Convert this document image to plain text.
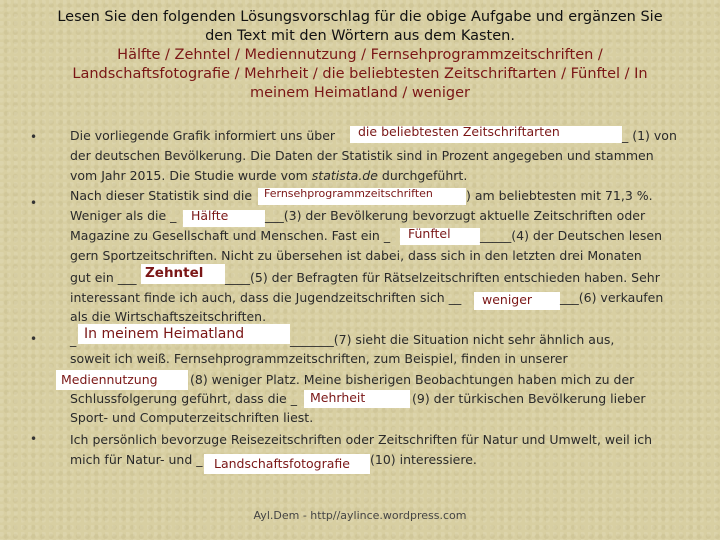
Lesen Sie den folgenden Lösungsvorschlag für die obige Aufgabe und ergänzen Sie
den Text mit den Wörtern aus dem Kasten.
Hälfte / Zehntel / Mediennutzung / Fernsehprogrammzeitschriften /
Landschaftsfotografie / Mehrheit / die beliebtesten Zeitschriftarten / Fünftel / In
meinem Heimatland / weniger
•
•
•
•
Die vorliegende Grafik informiert uns über	die beliebtesten Zeitschriftarten	_ (1) von
der deutschen Bevölkerung. Die Daten der Statistik sind in Prozent angegeben und stammen
vom Jahr 2015. Die Studie wurde vom statista.de durchgeführt.
Nach dieser Statistik sind die	Fernsehprogrammzeitschriften	) am beliebtesten mit 71,3 %.
Weniger als die _	Hälfte	___(3) der Bevölkerung bevorzugt aktuelle Zeitschriften oder
Magazine zu Gesellschaft und Menschen. Fast ein _	Fünftel	_____(4) der Deutschen lesen
gern Sportzeitschriften. Nicht zu übersehen ist dabei, dass sich in den letzten drei Monaten
gut ein ___ Zehntel	____(5) der Befragten für Rätselzeitschriften entschieden haben. Sehr
interessant finde ich auch, dass die Jugendzeitschriften sich __	weniger	___(6) verkaufen
als die Wirtschaftszeitschriften.
_ In meinem Heimatland	_______(7) sieht die Situation nicht sehr ähnlich aus,
soweit ich weiß. Fernsehprogrammzeitschriften, zum Beispiel, finden in unserer
Mediennutzung	(8) weniger Platz. Meine bisherigen Beobachtungen haben mich zu der
Schlussfolgerung geführt, dass die _	Mehrheit	(9) der türkischen Bevölkerung lieber
Sport- und Computerzeitschriften liest.
Ich persönlich bevorzuge Reisezeitschriften oder Zeitschriften für Natur und Umwelt, weil ich
mich für Natur- und _ Landschaftsfotografie	(10) interessiere.
Ayl.Dem - http//aylince.wordpress.com
